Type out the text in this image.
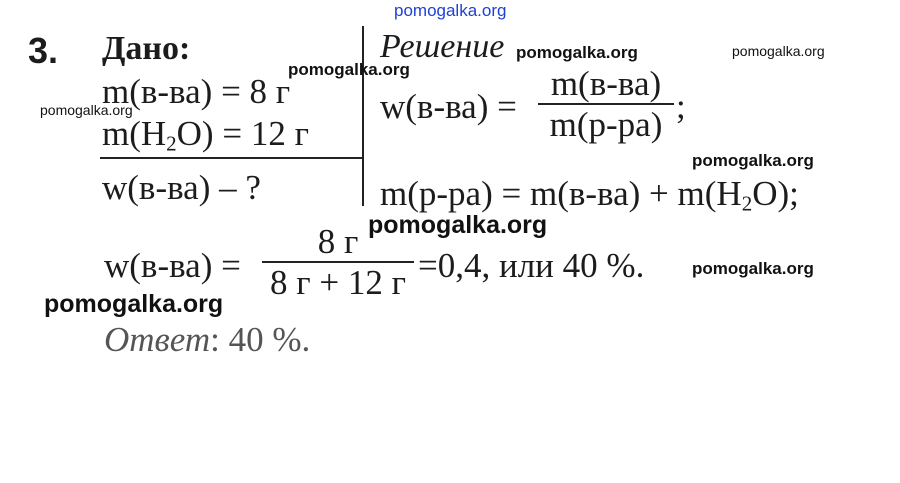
3. Дано:
m(в-ва) = 8 г
$m(H_2O) = 12$ г
w(в-ва) – ?
Решение
w(в-ва) =
m(в-ва)
m(р-ра) ;
$m(р-ра) = m(в-ва) + m(H_2O)$;
w(в-ва) =
8 г
8 г + 12 г =0,4, или 40 %.
Ответ: 40 %.
pomogalka.org
pomogalka.org	pomogalka.org
pomogalka.org
pomogalka.org
pomogalka.org
pomogalka.org
pomogalka.org
pomogalka.org
